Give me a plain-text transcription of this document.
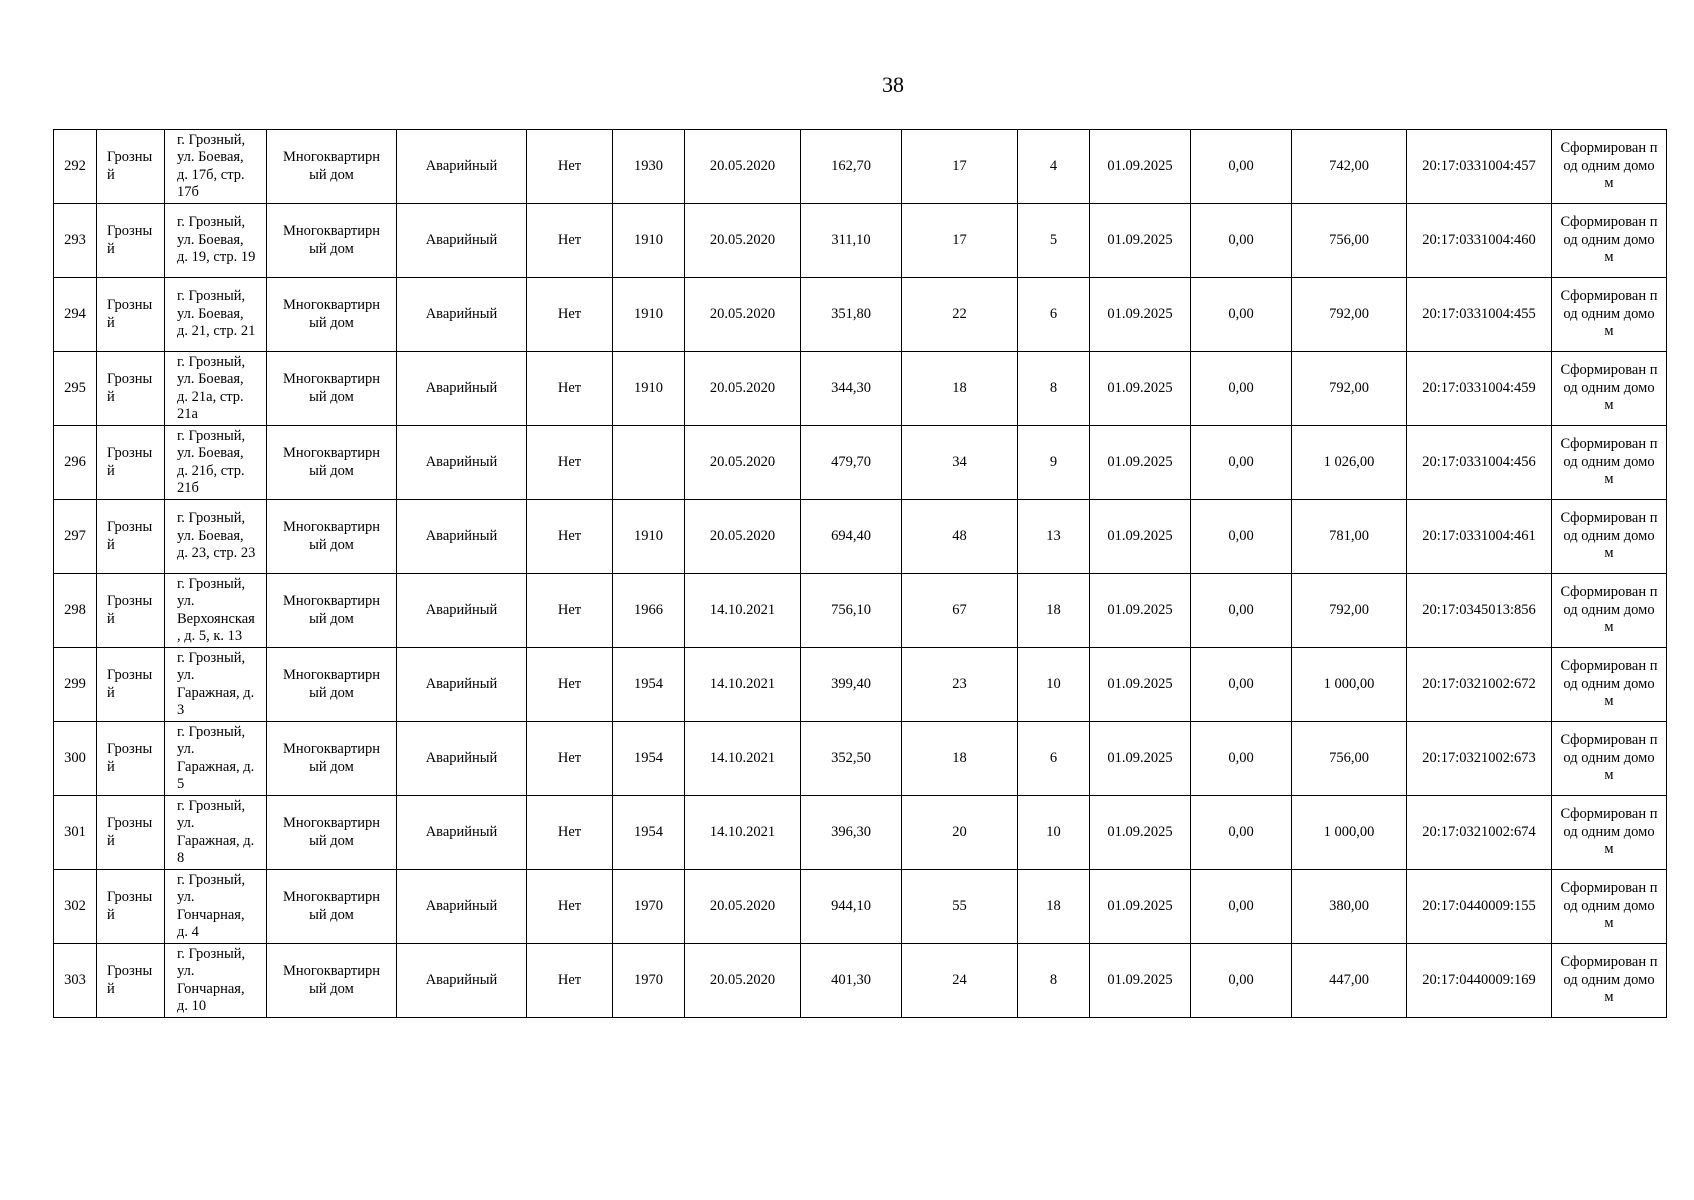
38
292	Грозный	г. Грозный, ул. Боевая, д. 17б, стр. 17б	Многоквартирный дом	Аварийный	Нет	1930	20.05.2020	162,70	17	4	01.09.2025	0,00	742,00	20:17:0331004:457	Сформирован под одним домом
293	Грозный	г. Грозный, ул. Боевая, д. 19, стр. 19	Многоквартирный дом	Аварийный	Нет	1910	20.05.2020	311,10	17	5	01.09.2025	0,00	756,00	20:17:0331004:460	Сформирован под одним домом
294	Грозный	г. Грозный, ул. Боевая, д. 21, стр. 21	Многоквартирный дом	Аварийный	Нет	1910	20.05.2020	351,80	22	6	01.09.2025	0,00	792,00	20:17:0331004:455	Сформирован под одним домом
295	Грозный	г. Грозный, ул. Боевая, д. 21а, стр. 21а	Многоквартирный дом	Аварийный	Нет	1910	20.05.2020	344,30	18	8	01.09.2025	0,00	792,00	20:17:0331004:459	Сформирован под одним домом
296	Грозный	г. Грозный, ул. Боевая, д. 21б, стр. 21б	Многоквартирный дом	Аварийный	Нет		20.05.2020	479,70	34	9	01.09.2025	0,00	1 026,00	20:17:0331004:456	Сформирован под одним домом
297	Грозный	г. Грозный, ул. Боевая, д. 23, стр. 23	Многоквартирный дом	Аварийный	Нет	1910	20.05.2020	694,40	48	13	01.09.2025	0,00	781,00	20:17:0331004:461	Сформирован под одним домом
298	Грозный	г. Грозный, ул. Верхоянская, д. 5, к. 13	Многоквартирный дом	Аварийный	Нет	1966	14.10.2021	756,10	67	18	01.09.2025	0,00	792,00	20:17:0345013:856	Сформирован под одним домом
299	Грозный	г. Грозный, ул. Гаражная, д. 3	Многоквартирный дом	Аварийный	Нет	1954	14.10.2021	399,40	23	10	01.09.2025	0,00	1 000,00	20:17:0321002:672	Сформирован под одним домом
300	Грозный	г. Грозный, ул. Гаражная, д. 5	Многоквартирный дом	Аварийный	Нет	1954	14.10.2021	352,50	18	6	01.09.2025	0,00	756,00	20:17:0321002:673	Сформирован под одним домом
301	Грозный	г. Грозный, ул. Гаражная, д. 8	Многоквартирный дом	Аварийный	Нет	1954	14.10.2021	396,30	20	10	01.09.2025	0,00	1 000,00	20:17:0321002:674	Сформирован под одним домом
302	Грозный	г. Грозный, ул. Гончарная, д. 4	Многоквартирный дом	Аварийный	Нет	1970	20.05.2020	944,10	55	18	01.09.2025	0,00	380,00	20:17:0440009:155	Сформирован под одним домом
303	Грозный	г. Грозный, ул. Гончарная, д. 10	Многоквартирный дом	Аварийный	Нет	1970	20.05.2020	401,30	24	8	01.09.2025	0,00	447,00	20:17:0440009:169	Сформирован под одним домом
